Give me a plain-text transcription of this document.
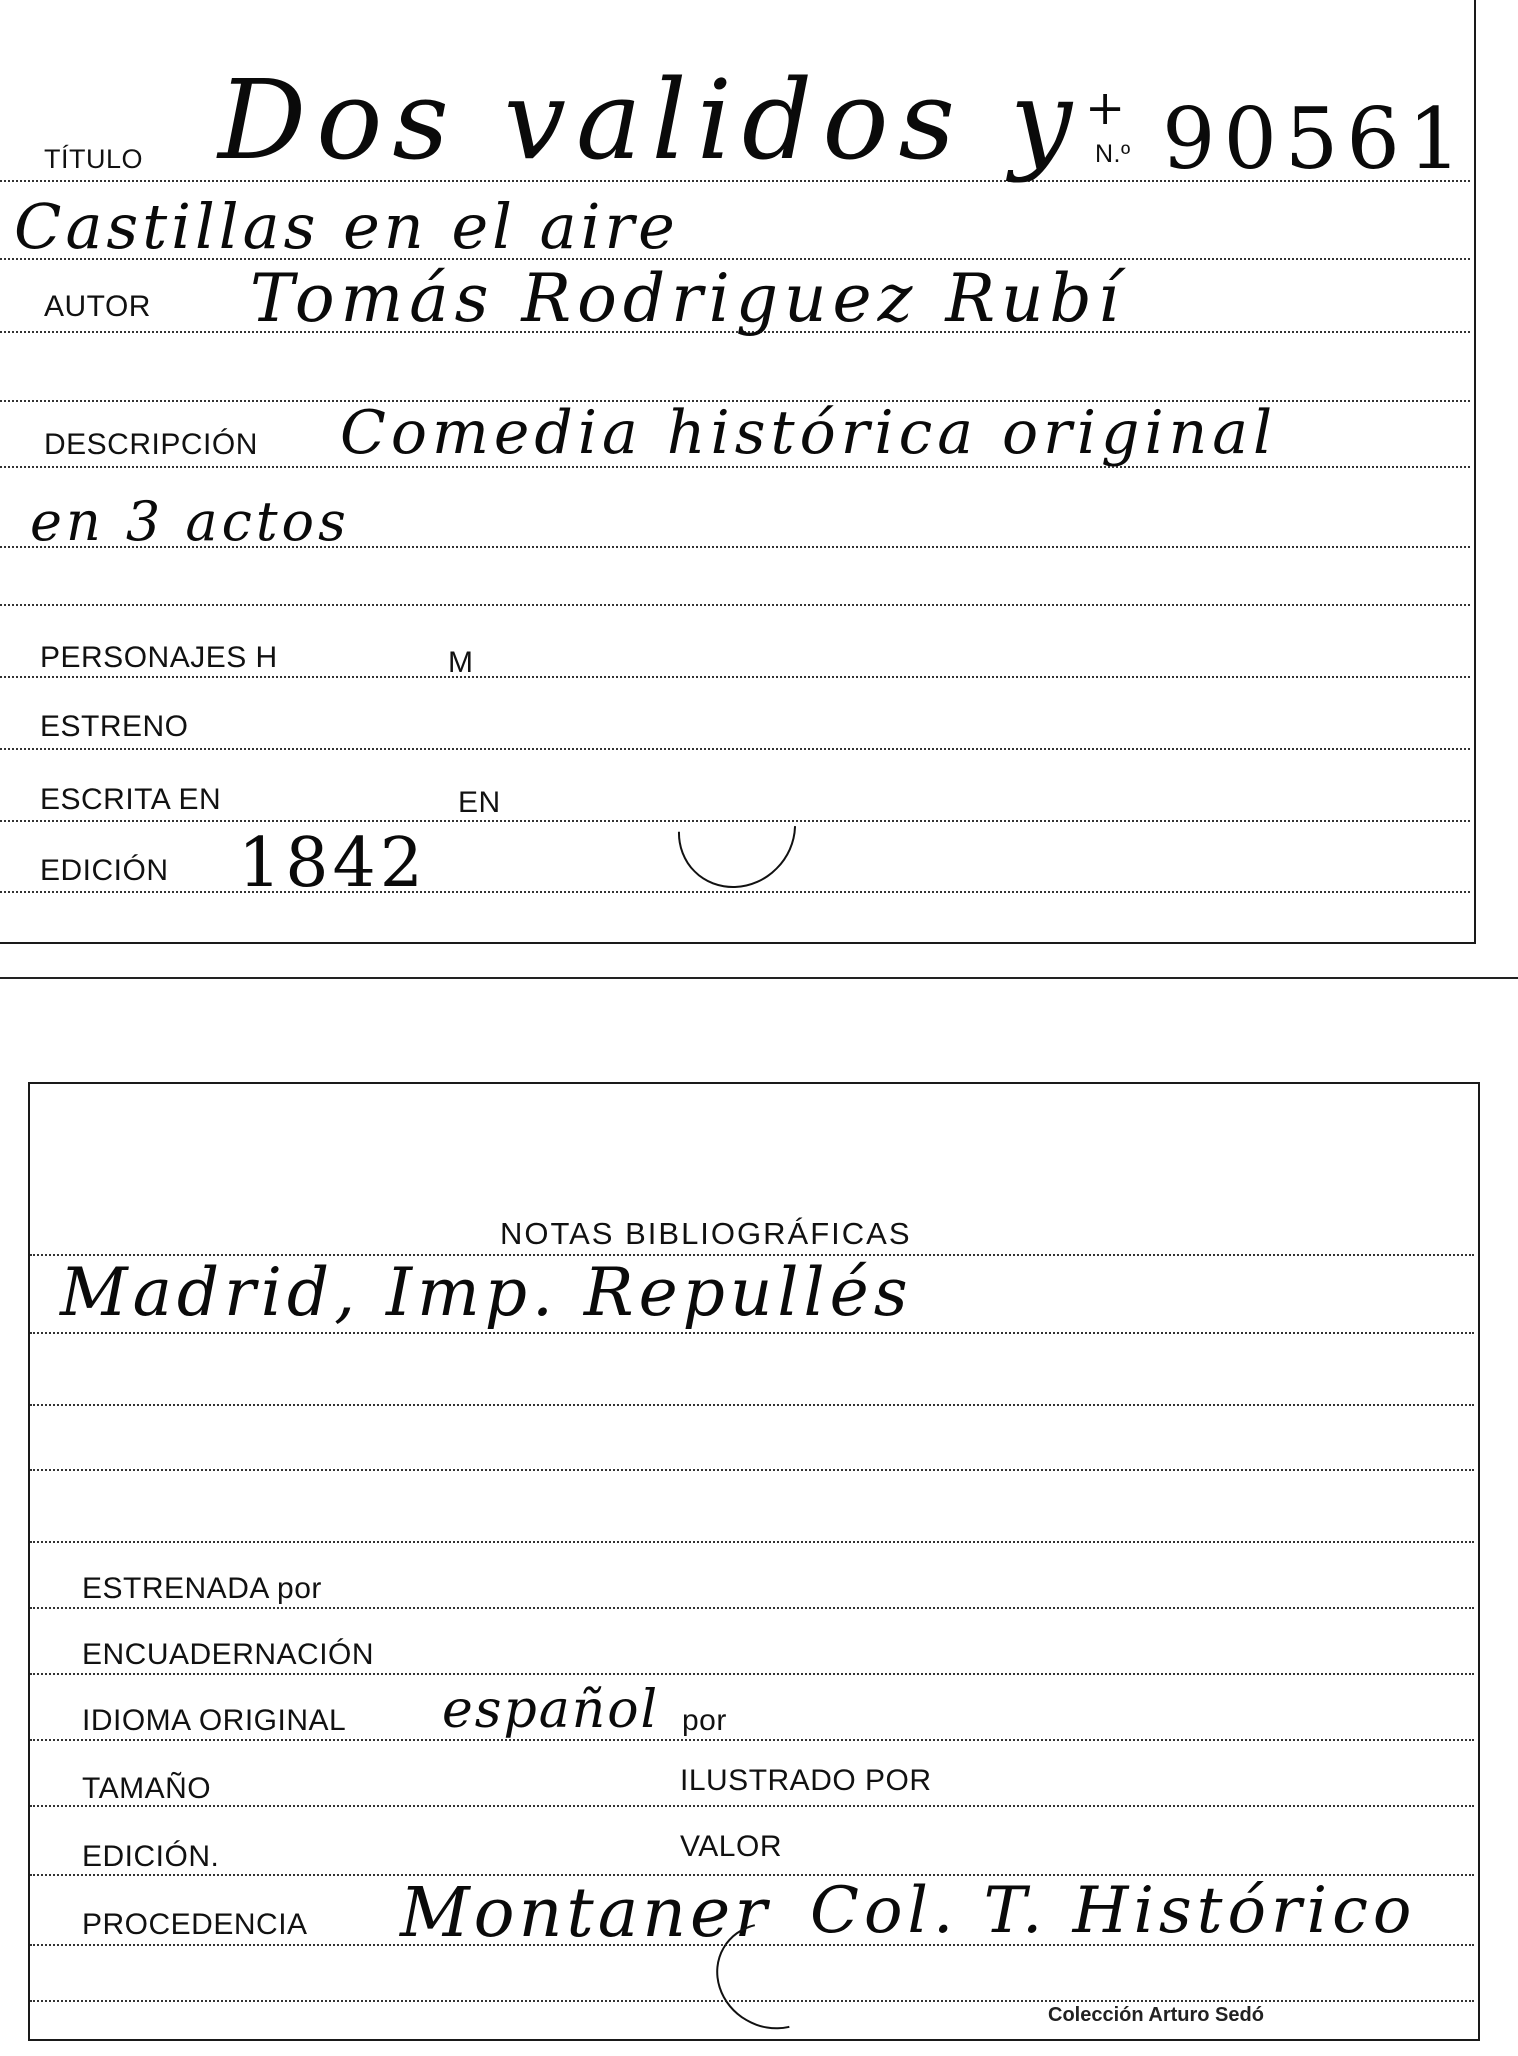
TÍTULO Dos validos y +
N.º 90561
Castillas en el aire
AUTOR Tomás Rodriguez Rubí
DESCRIPCIÓN Comedia histórica original
en 3 actos
PERSONAJES H	M
ESTRENO
ESCRITA EN	EN
EDICIÓN 1842
NOTAS BIBLIOGRÁFICAS
Madrid, Imp. Repullés
ESTRENADA por
ENCUADERNACIÓN
IDIOMA ORIGINAL español por
TAMAÑO	ILUSTRADO POR
EDICIÓN.	VALOR
PROCEDENCIA Montaner Col. T. Histórico
Colección Arturo Sedó
